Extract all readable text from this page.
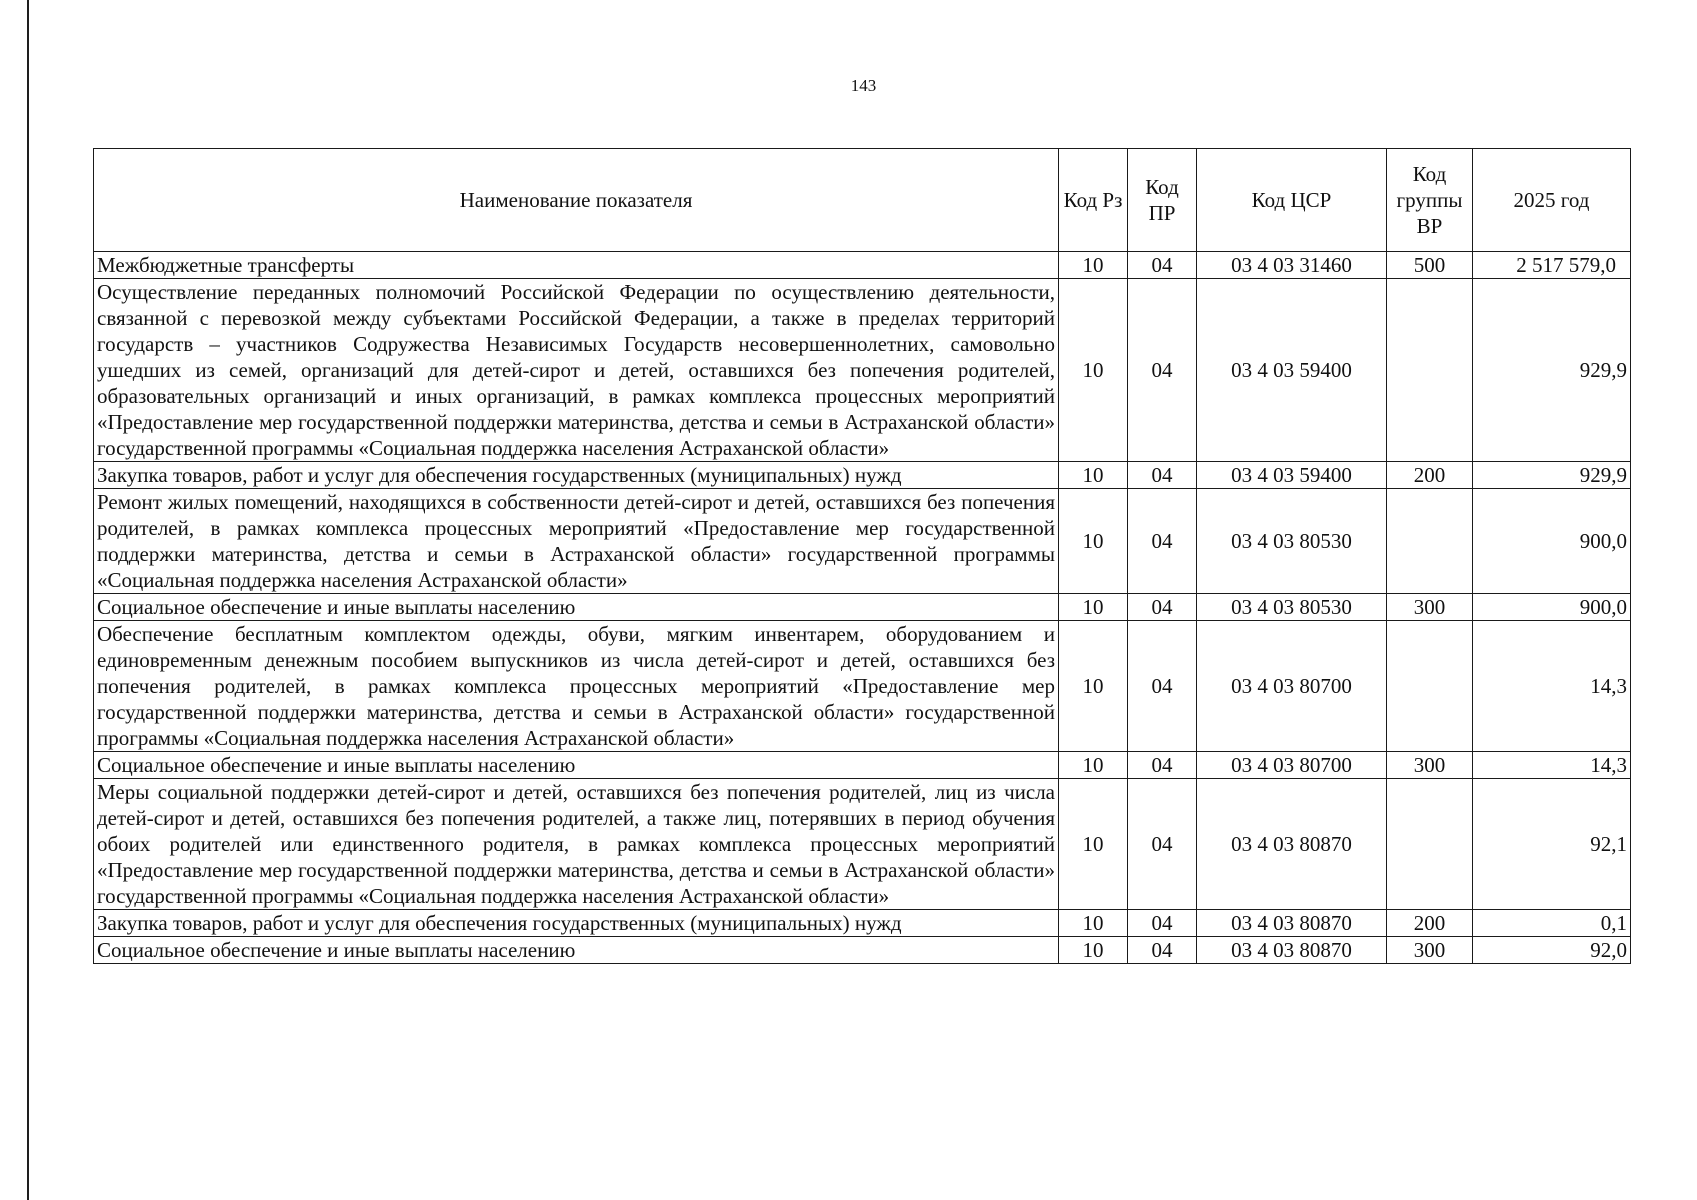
143
Наименование показателя	Код Рз	Код ПР	Код ЦСР	Код группы ВР	2025 год
Межбюджетные трансферты	10	04	03 4 03 31460	500	2 517 579,0
Осуществление переданных полномочий Российской Федерации по осуществлению деятельности, связанной с перевозкой между субъектами Российской Федерации, а также в пределах территорий государств – участников Содружества Независимых Государств несовершеннолетних, самовольно ушедших из семей, организаций для детей-сирот и детей, оставшихся без попечения родителей, образовательных организаций и иных организаций, в рамках комплекса процессных мероприятий «Предоставление мер государственной поддержки материнства, детства и семьи в Астраханской области» государственной программы «Социальная поддержка населения Астраханской области»	10	04	03 4 03 59400		929,9
Закупка товаров, работ и услуг для обеспечения государственных (муниципальных) нужд	10	04	03 4 03 59400	200	929,9
Ремонт жилых помещений, находящихся в собственности детей-сирот и детей, оставшихся без попечения родителей, в рамках комплекса процессных мероприятий «Предоставление мер государственной поддержки материнства, детства и семьи в Астраханской области» государственной программы «Социальная поддержка населения Астраханской области»	10	04	03 4 03 80530		900,0
Социальное обеспечение и иные выплаты населению	10	04	03 4 03 80530	300	900,0
Обеспечение бесплатным комплектом одежды, обуви, мягким инвентарем, оборудованием и единовременным денежным пособием выпускников из числа детей-сирот и детей, оставшихся без попечения родителей, в рамках комплекса процессных мероприятий «Предоставление мер государственной поддержки материнства, детства и семьи в Астраханской области» государственной программы «Социальная поддержка населения Астраханской области»	10	04	03 4 03 80700		14,3
Социальное обеспечение и иные выплаты населению	10	04	03 4 03 80700	300	14,3
Меры социальной поддержки детей-сирот и детей, оставшихся без попечения родителей, лиц из числа детей-сирот и детей, оставшихся без попечения родителей, а также лиц, потерявших в период обучения обоих родителей или единственного родителя, в рамках комплекса процессных мероприятий «Предоставление мер государственной поддержки материнства, детства и семьи в Астраханской области» государственной программы «Социальная поддержка населения Астраханской области»	10	04	03 4 03 80870		92,1
Закупка товаров, работ и услуг для обеспечения государственных (муниципальных) нужд	10	04	03 4 03 80870	200	0,1
Социальное обеспечение и иные выплаты населению	10	04	03 4 03 80870	300	92,0
